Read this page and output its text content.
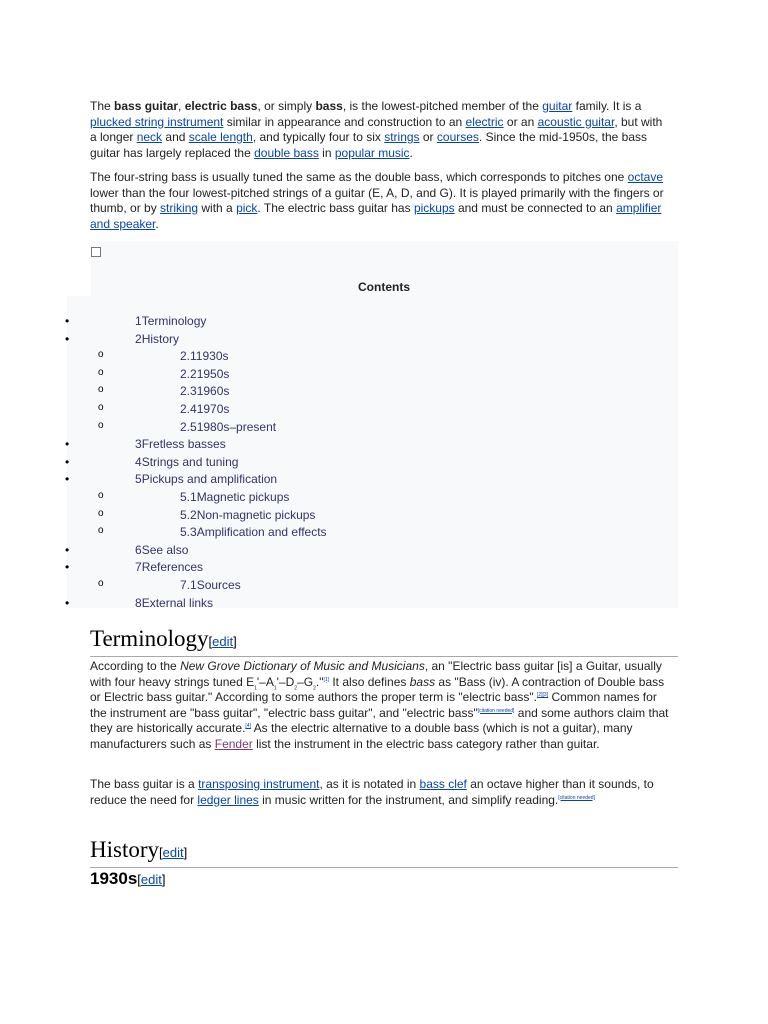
The bass guitar, electric bass, or simply bass, is the lowest-pitched member of the guitar family. It is a plucked string instrument similar in appearance and construction to an electric or an acoustic guitar, but with a longer neck and scale length, and typically four to six strings or courses. Since the mid-1950s, the bass guitar has largely replaced the double bass in popular music.

The four-string bass is usually tuned the same as the double bass, which corresponds to pitches one octave lower than the four lowest-pitched strings of a guitar (E, A, D, and G). It is played primarily with the fingers or thumb, or by striking with a pick. The electric bass guitar has pickups and must be connected to an amplifier and speaker.

Contents
•	1Terminology
•	2History
o	2.11930s
o	2.21950s
o	2.31960s
o	2.41970s
o	2.51980s–present
•	3Fretless basses
•	4Strings and tuning
•	5Pickups and amplification
o	5.1Magnetic pickups
o	5.2Non-magnetic pickups
o	5.3Amplification and effects
•	6See also
•	7References
o	7.1Sources
•	8External links
Terminology[edit]

According to the New Grove Dictionary of Music and Musicians, an "Electric bass guitar [is] a Guitar, usually with four heavy strings tuned $E_1'-A_1'-D_2-G_2."[1]$ It also defines bass as "Bass (iv). A contraction of Double bass or Electric bass guitar." According to some authors the proper term is "electric bass".[2][3] Common names for the instrument are "bass guitar", "electric bass guitar", and "electric bass"[citation needed] and some authors claim that they are historically accurate.[4] As the electric alternative to a double bass (which is not a guitar), many manufacturers such as Fender list the instrument in the electric bass category rather than guitar.

The bass guitar is a transposing instrument, as it is notated in bass clef an octave higher than it sounds, to reduce the need for ledger lines in music written for the instrument, and simplify reading.[citation needed]

History[edit]
1930s[edit]
